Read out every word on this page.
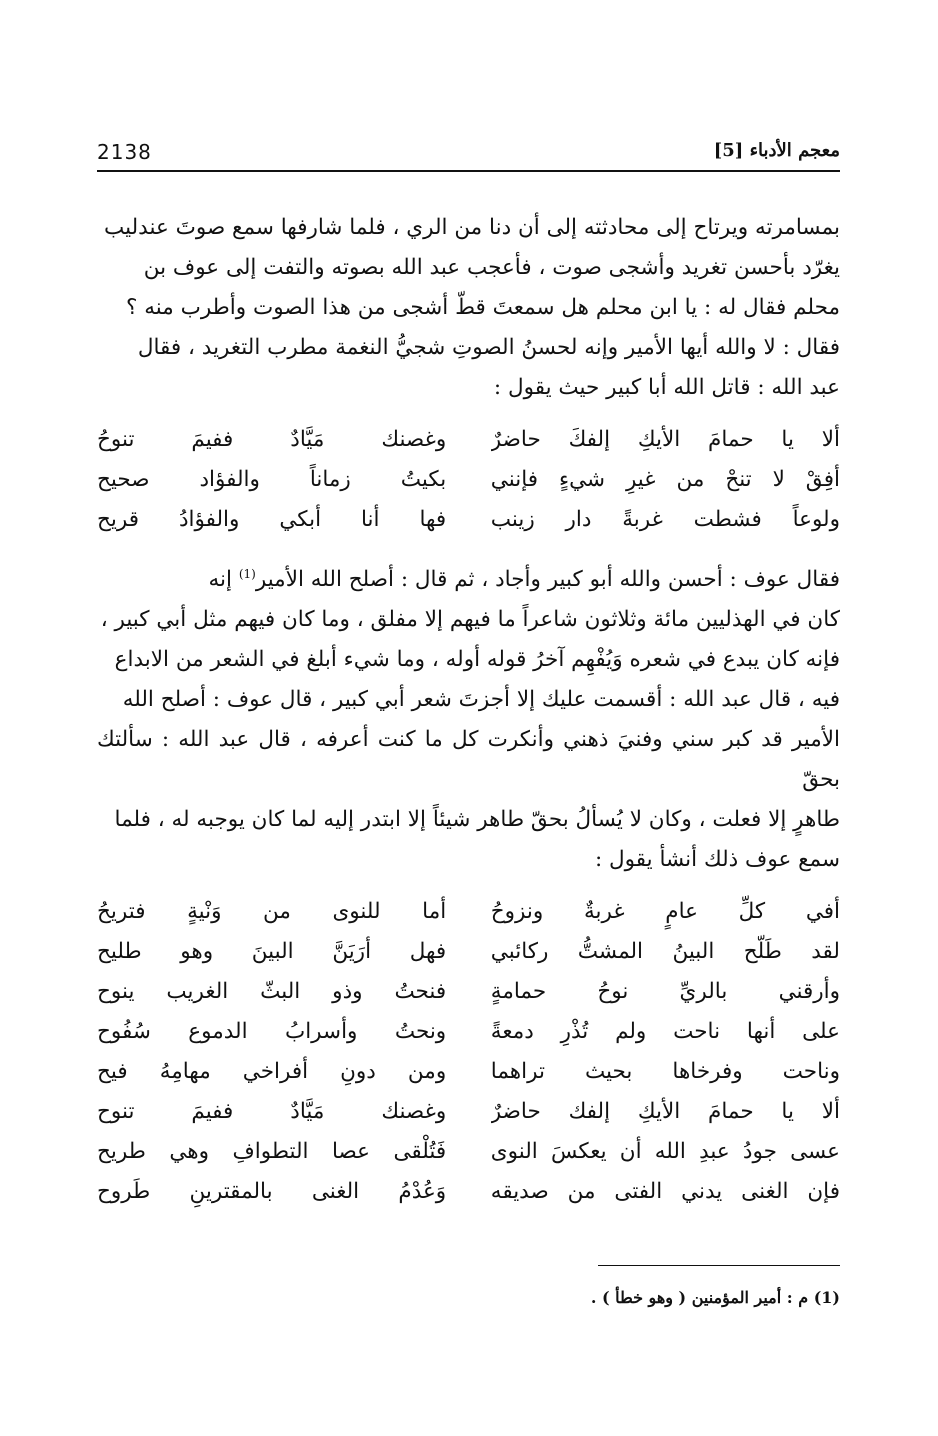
2138	معجم الأدباء [5]

بمسامرته ويرتاح إلى محادثته إلى أن دنا من الري ، فلما شارفها سمع صوتَ عندليب

يغرّد بأحسن تغريد وأشجى صوت ، فأعجب عبد الله بصوته والتفت إلى عوف بن

محلم فقال له : يا ابن محلم هل سمعتَ قطّ أشجى من هذا الصوت وأطرب منه ؟

فقال : لا والله أيها الأمير وإنه لحسنُ الصوتِ شجيُّ النغمة مطرب التغريد ، فقال

عبد الله : قاتل الله أبا كبير حيث يقول :

ألا يا حمامَ الأيكِ إلفكَ حاضرٌ
وغصنك مَيَّادٌ ففيمَ تنوحُ
أفِقْ لا تنحْ من غيرِ شيءٍ فإنني
بكيتُ زماناً والفؤاد صحيح
ولوعاً فشطت غربةً دار زينب
فها أنا أبكي والفؤادُ قريح

فقال عوف : أحسن والله أبو كبير وأجاد ، ثم قال : أصلح الله الأمير$^{(1)}$ إنه

كان في الهذليين مائة وثلاثون شاعراً ما فيهم إلا مفلق ، وما كان فيهم مثل أبي كبير ،

فإنه كان يبدع في شعره وَيُفْهِم آخرُ قوله أوله ، وما شيء أبلغ في الشعر من الابداع

فيه ، قال عبد الله : أقسمت عليك إلا أجزتَ شعر أبي كبير ، قال عوف : أصلح الله

الأمير قد كبر سني وفنيَ ذهني وأنكرت كل ما كنت أعرفه ، قال عبد الله : سألتك بحقّ

طاهرٍ إلا فعلت ، وكان لا يُسألُ بحقّ طاهر شيئاً إلا ابتدر إليه لما كان يوجبه له ، فلما

سمع عوف ذلك أنشأ يقول :

أفي كلِّ عامٍ غربةٌ ونزوحُ
أما للنوى من وَنْيةٍ فتريحُ
لقد طَلّح البينُ المشتُّ ركائبي
فهل أرَيَنَّ البينَ وهو طليح
وأرقني بالريِّ نوحُ حمامةٍ
فنحتُ وذو البثّ الغريب ينوح
على أنها ناحت ولم تُذْرِ دمعةً
ونحتُ وأسرابُ الدموع سُفُوح
وناحت وفرخاها بحيث تراهما
ومن دونِ أفراخي مهامِهُ فيح
ألا يا حمامَ الأيكِ إلفك حاضرٌ
وغصنك مَيَّادٌ ففيمَ تنوح
عسى جودُ عبدِ الله أن يعكسَ النوى
فَتُلْقى عصا التطوافِ وهي طريح
فإن الغنى يدني الفتى من صديقه
وَعُدْمُ الغنى بالمقترينِ طَروح
(1) م : أمير المؤمنين ( وهو خطأ ) .
